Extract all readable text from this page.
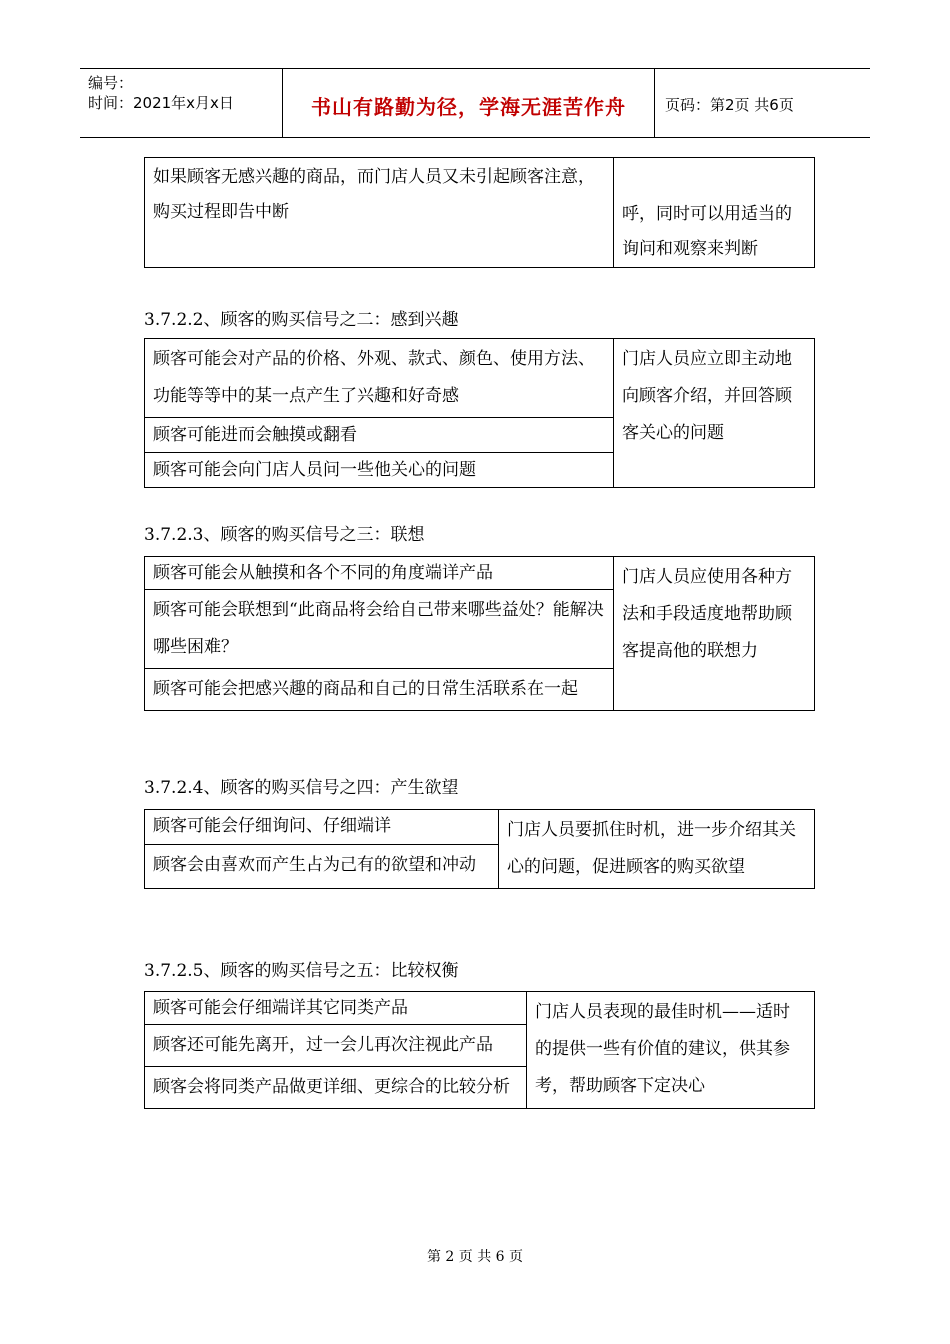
编号：
时间：2021年x月x日	书山有路勤为径，学海无涯苦作舟	页码：第2页 共6页
如果顾客无感兴趣的商品，而门店人员又未引起顾客注意，购买过程即告中断	呼，同时可以用适当的询问和观察来判断
3.7.2.2、顾客的购买信号之二：感到兴趣
顾客可能会对产品的价格、外观、款式、颜色、使用方法、功能等等中的某一点产生了兴趣和好奇感	门店人员应立即主动地向顾客介绍，并回答顾客关心的问题
顾客可能进而会触摸或翻看
顾客可能会向门店人员问一些他关心的问题
3.7.2.3、顾客的购买信号之三：联想
顾客可能会从触摸和各个不同的角度端详产品	门店人员应使用各种方法和手段适度地帮助顾客提高他的联想力
顾客可能会联想到“此商品将会给自己带来哪些益处？能解决哪些困难？
顾客可能会把感兴趣的商品和自己的日常生活联系在一起
3.7.2.4、顾客的购买信号之四：产生欲望
顾客可能会仔细询问、仔细端详	门店人员要抓住时机，进一步介绍其关心的问题，促进顾客的购买欲望
顾客会由喜欢而产生占为己有的欲望和冲动
3.7.2.5、顾客的购买信号之五：比较权衡
顾客可能会仔细端详其它同类产品	门店人员表现的最佳时机——适时的提供一些有价值的建议，供其参考，帮助顾客下定决心
顾客还可能先离开，过一会儿再次注视此产品
顾客会将同类产品做更详细、更综合的比较分析
第 2 页 共 6 页
